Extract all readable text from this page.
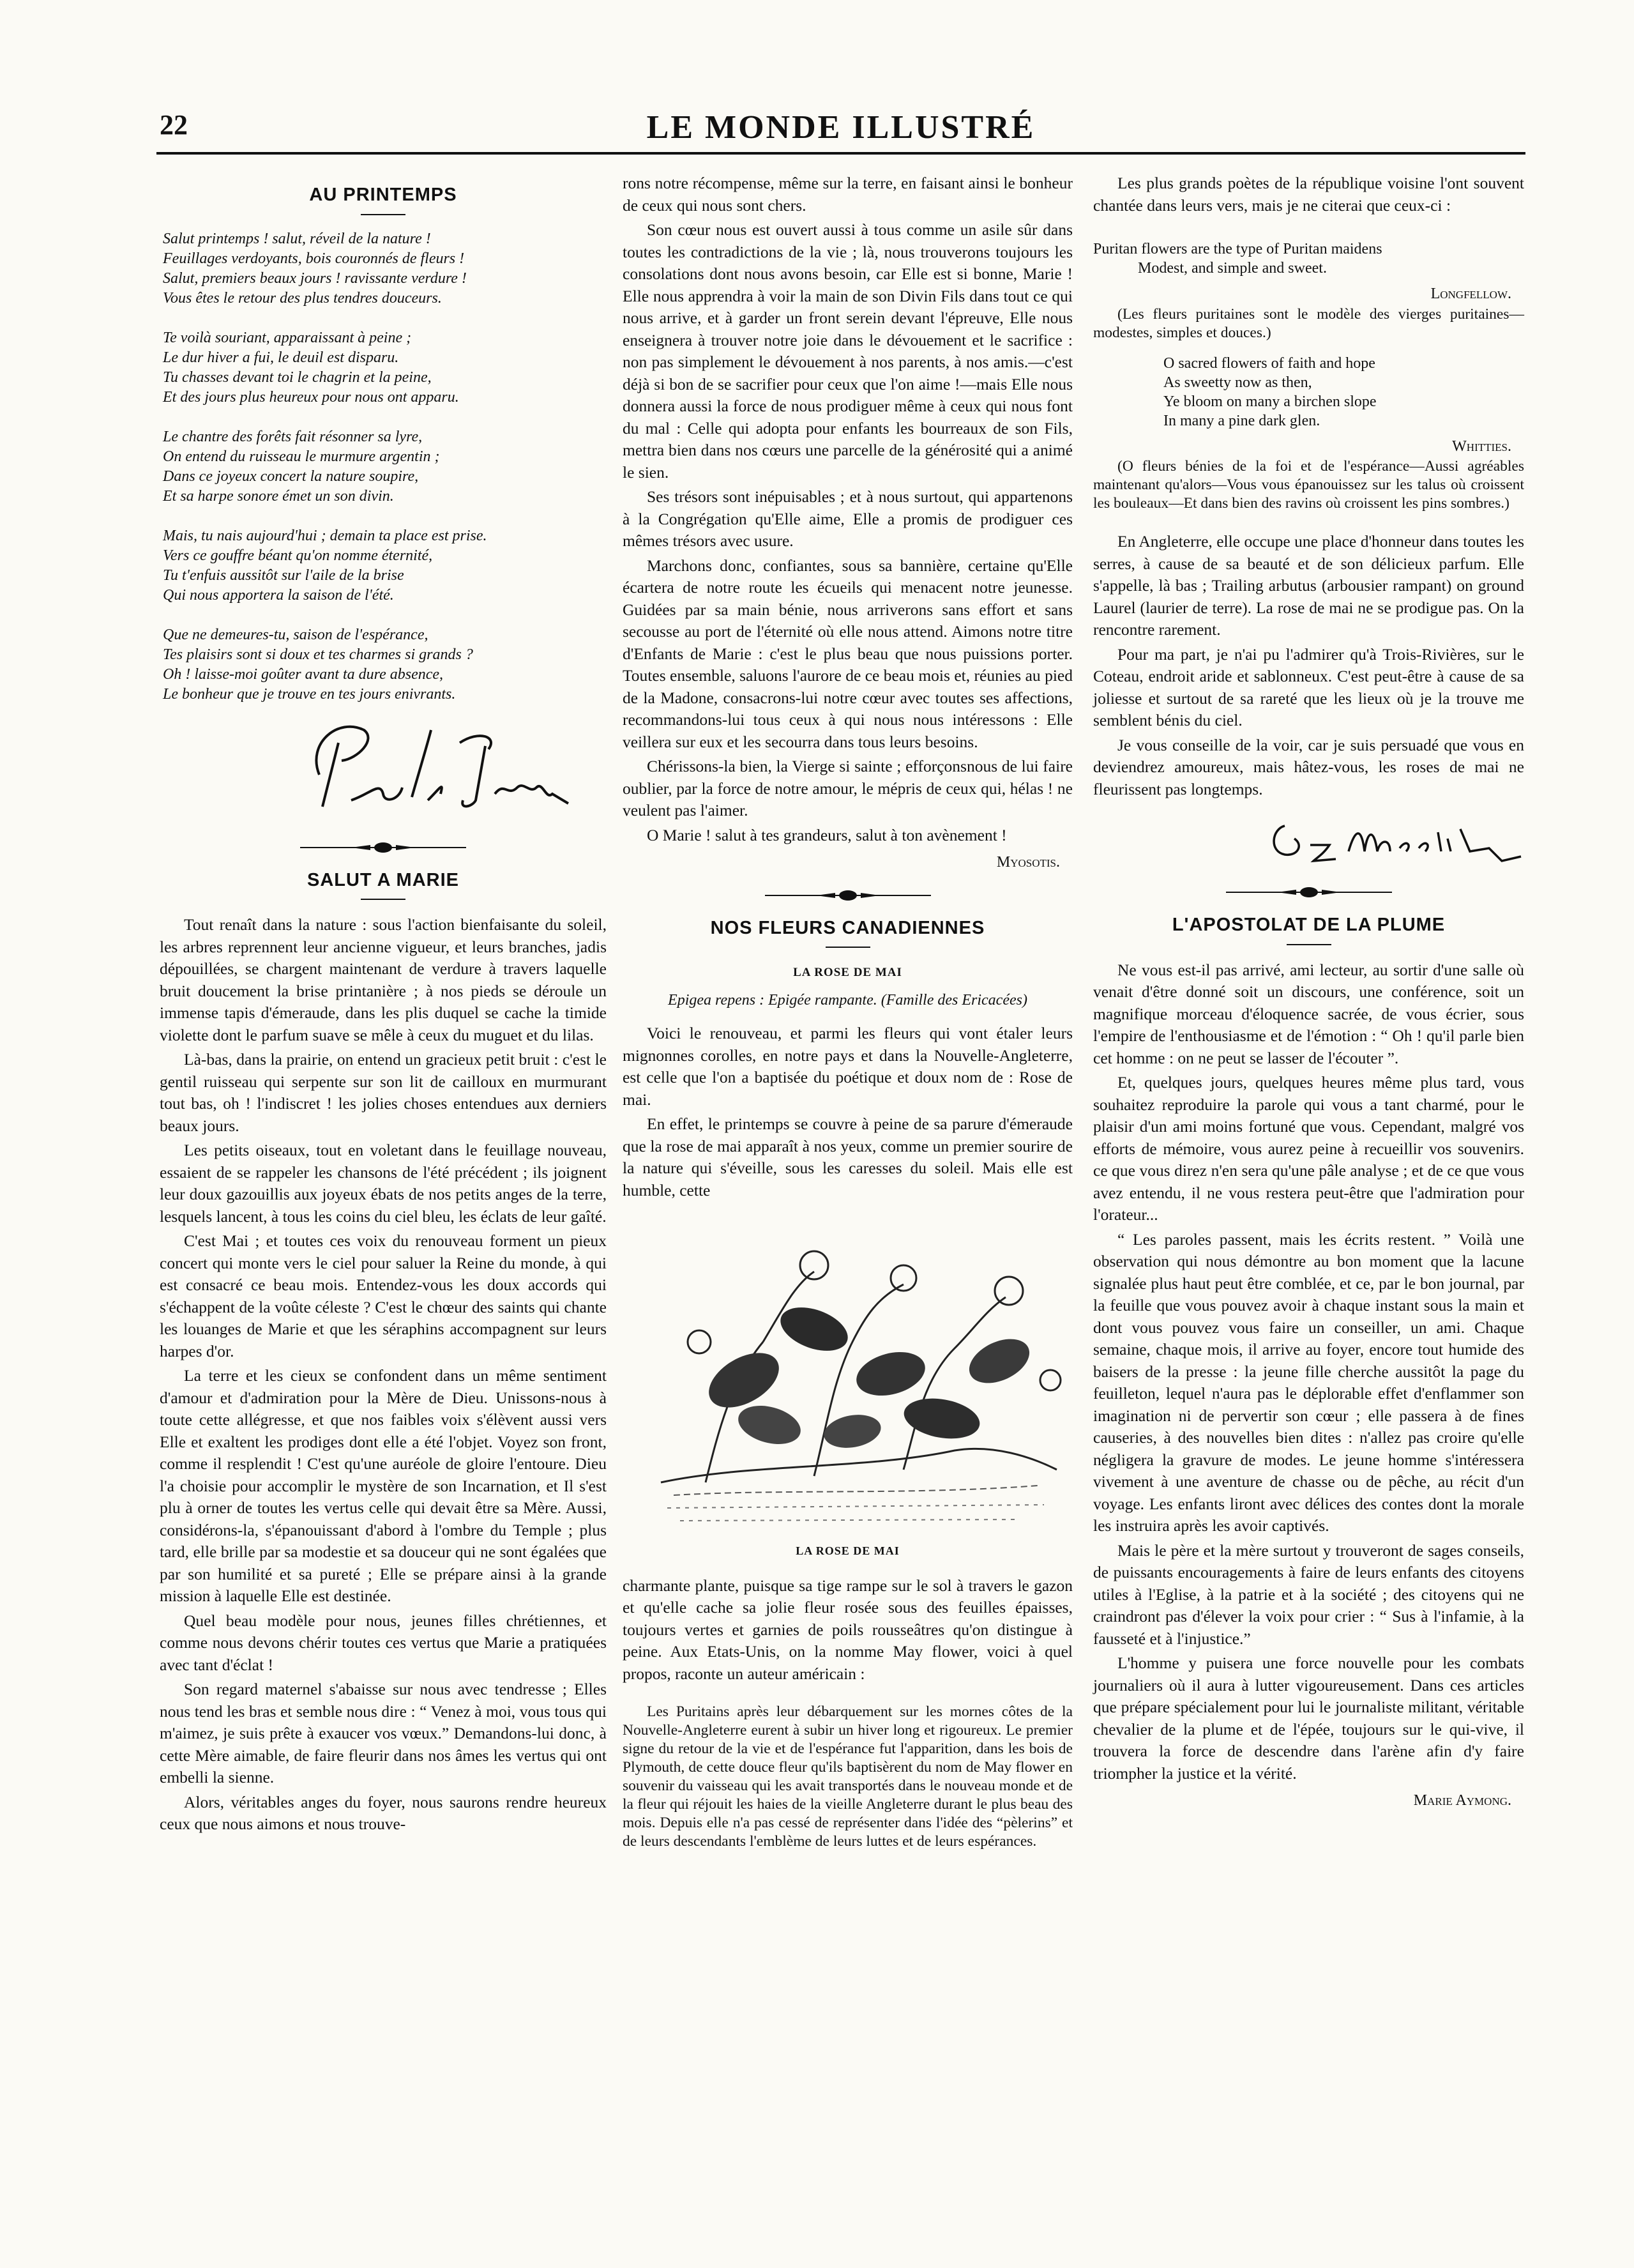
22	LE MONDE ILLUSTRÉ
AU PRINTEMPS
Salut printemps ! salut, réveil de la nature !
Feuillages verdoyants, bois couronnés de fleurs !
Salut, premiers beaux jours ! ravissante verdure !
Vous êtes le retour des plus tendres douceurs.
Te voilà souriant, apparaissant à peine ;
Le dur hiver a fui, le deuil est disparu.
Tu chasses devant toi le chagrin et la peine,
Et des jours plus heureux pour nous ont apparu.
Le chantre des forêts fait résonner sa lyre,
On entend du ruisseau le murmure argentin ;
Dans ce joyeux concert la nature soupire,
Et sa harpe sonore émet un son divin.
Mais, tu nais aujourd'hui ; demain ta place est prise.
Vers ce gouffre béant qu'on nomme éternité,
Tu t'enfuis aussitôt sur l'aile de la brise
Qui nous apportera la saison de l'été.
Que ne demeures-tu, saison de l'espérance,
Tes plaisirs sont si doux et tes charmes si grands ?
Oh ! laisse-moi goûter avant ta dure absence,
Le bonheur que je trouve en tes jours enivrants.
SALUT A MARIE

Tout renaît dans la nature : sous l'action bienfaisante du soleil, les arbres reprennent leur ancienne vigueur, et leurs branches, jadis dépouillées, se chargent maintenant de verdure à travers laquelle bruit doucement la brise printanière ; à nos pieds se déroule un immense tapis d'émeraude, dans les plis duquel se cache la timide violette dont le parfum suave se mêle à ceux du muguet et du lilas.

Là-bas, dans la prairie, on entend un gracieux petit bruit : c'est le gentil ruisseau qui serpente sur son lit de cailloux en murmurant tout bas, oh ! l'indiscret ! les jolies choses entendues aux derniers beaux jours.

Les petits oiseaux, tout en voletant dans le feuillage nouveau, essaient de se rappeler les chansons de l'été précédent ; ils joignent leur doux gazouillis aux joyeux ébats de nos petits anges de la terre, lesquels lancent, à tous les coins du ciel bleu, les éclats de leur gaîté.

C'est Mai ; et toutes ces voix du renouveau forment un pieux concert qui monte vers le ciel pour saluer la Reine du monde, à qui est consacré ce beau mois. Entendez-vous les doux accords qui s'échappent de la voûte céleste ? C'est le chœur des saints qui chante les louanges de Marie et que les séraphins accompagnent sur leurs harpes d'or.

La terre et les cieux se confondent dans un même sentiment d'amour et d'admiration pour la Mère de Dieu. Unissons-nous à toute cette allégresse, et que nos faibles voix s'élèvent aussi vers Elle et exaltent les prodiges dont elle a été l'objet. Voyez son front, comme il resplendit ! C'est qu'une auréole de gloire l'entoure. Dieu l'a choisie pour accomplir le mystère de son Incarnation, et Il s'est plu à orner de toutes les vertus celle qui devait être sa Mère. Aussi, considérons-la, s'épanouissant d'abord à l'ombre du Temple ; plus tard, elle brille par sa modestie et sa douceur qui ne sont égalées que par son humilité et sa pureté ; Elle se prépare ainsi à la grande mission à laquelle Elle est destinée.

Quel beau modèle pour nous, jeunes filles chrétiennes, et comme nous devons chérir toutes ces vertus que Marie a pratiquées avec tant d'éclat !

Son regard maternel s'abaisse sur nous avec tendresse ; Elles nous tend les bras et semble nous dire : “ Venez à moi, vous tous qui m'aimez, je suis prête à exaucer vos vœux.” Demandons-lui donc, à cette Mère aimable, de faire fleurir dans nos âmes les vertus qui ont embelli la sienne.

Alors, véritables anges du foyer, nous saurons rendre heureux ceux que nous aimons et nous trouve-

rons notre récompense, même sur la terre, en faisant ainsi le bonheur de ceux qui nous sont chers.

Son cœur nous est ouvert aussi à tous comme un asile sûr dans toutes les contradictions de la vie ; là, nous trouverons toujours les consolations dont nous avons besoin, car Elle est si bonne, Marie ! Elle nous apprendra à voir la main de son Divin Fils dans tout ce qui nous arrive, et à garder un front serein devant l'épreuve, Elle nous enseignera à trouver notre joie dans le dévouement et le sacrifice : non pas simplement le dévouement à nos parents, à nos amis.—c'est déjà si bon de se sacrifier pour ceux que l'on aime !—mais Elle nous donnera aussi la force de nous prodiguer même à ceux qui nous font du mal : Celle qui adopta pour enfants les bourreaux de son Fils, mettra bien dans nos cœurs une parcelle de la générosité qui a animé le sien.

Ses trésors sont inépuisables ; et à nous surtout, qui appartenons à la Congrégation qu'Elle aime, Elle a promis de prodiguer ces mêmes trésors avec usure.

Marchons donc, confiantes, sous sa bannière, certaine qu'Elle écartera de notre route les écueils qui menacent notre jeunesse. Guidées par sa main bénie, nous arriverons sans effort et sans secousse au port de l'éternité où elle nous attend. Aimons notre titre d'Enfants de Marie : c'est le plus beau que nous puissions porter. Toutes ensemble, saluons l'aurore de ce beau mois et, réunies au pied de la Madone, consacrons-lui notre cœur avec toutes ses affections, recommandons-lui tous ceux à qui nous nous intéressons : Elle veillera sur eux et les secourra dans tous leurs besoins.

Chérissons-la bien, la Vierge si sainte ; efforçonsnous de lui faire oublier, par la force de notre amour, le mépris de ceux qui, hélas ! ne veulent pas l'aimer.

O Marie ! salut à tes grandeurs, salut à ton avènement !

Myosotis.
NOS FLEURS CANADIENNES
LA ROSE DE MAI
Epigea repens : Epigée rampante. (Famille des Ericacées)

Voici le renouveau, et parmi les fleurs qui vont étaler leurs mignonnes corolles, en notre pays et dans la Nouvelle-Angleterre, est celle que l'on a baptisée du poétique et doux nom de : Rose de mai.

En effet, le printemps se couvre à peine de sa parure d'émeraude que la rose de mai apparaît à nos yeux, comme un premier sourire de la nature qui s'éveille, sous les caresses du soleil. Mais elle est humble, cette

LA ROSE DE MAI

charmante plante, puisque sa tige rampe sur le sol à travers le gazon et qu'elle cache sa jolie fleur rosée sous des feuilles épaisses, toujours vertes et garnies de poils rousseâtres qu'on distingue à peine. Aux Etats-Unis, on la nomme May flower, voici à quel propos, raconte un auteur américain :

Les Puritains après leur débarquement sur les mornes côtes de la Nouvelle-Angleterre eurent à subir un hiver long et rigoureux. Le premier signe du retour de la vie et de l'espérance fut l'apparition, dans les bois de Plymouth, de cette douce fleur qu'ils baptisèrent du nom de May flower en souvenir du vaisseau qui les avait transportés dans le nouveau monde et de la fleur qui réjouit les haies de la vieille Angleterre durant le plus beau des mois. Depuis elle n'a pas cessé de représenter dans l'idée des “pèlerins” et de leurs descendants l'emblème de leurs luttes et de leurs espérances.

Les plus grands poètes de la république voisine l'ont souvent chantée dans leurs vers, mais je ne citerai que ceux-ci :

Puritan flowers are the type of Puritan maidens
Modest, and simple and sweet.
Longfellow.

(Les fleurs puritaines sont le modèle des vierges puritaines—modestes, simples et douces.)

O sacred flowers of faith and hope
As sweetty now as then,
Ye bloom on many a birchen slope
In many a pine dark glen.
Whitties.

(O fleurs bénies de la foi et de l'espérance—Aussi agréables maintenant qu'alors—Vous vous épanouissez sur les talus où croissent les bouleaux—Et dans bien des ravins où croissent les pins sombres.)

En Angleterre, elle occupe une place d'honneur dans toutes les serres, à cause de sa beauté et de son délicieux parfum. Elle s'appelle, là bas ; Trailing arbutus (arbousier rampant) on ground Laurel (laurier de terre). La rose de mai ne se prodigue pas. On la rencontre rarement.

Pour ma part, je n'ai pu l'admirer qu'à Trois-Rivières, sur le Coteau, endroit aride et sablonneux. C'est peut-être à cause de sa joliesse et surtout de sa rareté que les lieux où je la trouve me semblent bénis du ciel.

Je vous conseille de la voir, car je suis persuadé que vous en deviendrez amoureux, mais hâtez-vous, les roses de mai ne fleurissent pas longtemps.

L'APOSTOLAT DE LA PLUME

Ne vous est-il pas arrivé, ami lecteur, au sortir d'une salle où venait d'être donné soit un discours, une conférence, soit un magnifique morceau d'éloquence sacrée, de vous écrier, sous l'empire de l'enthousiasme et de l'émotion : “ Oh ! qu'il parle bien cet homme : on ne peut se lasser de l'écouter ”.

Et, quelques jours, quelques heures même plus tard, vous souhaitez reproduire la parole qui vous a tant charmé, pour le plaisir d'un ami moins fortuné que vous. Cependant, malgré vos efforts de mémoire, vous aurez peine à recueillir vos souvenirs. ce que vous direz n'en sera qu'une pâle analyse ; et de ce que vous avez entendu, il ne vous restera peut-être que l'admiration pour l'orateur...

“ Les paroles passent, mais les écrits restent. ” Voilà une observation qui nous démontre au bon moment que la lacune signalée plus haut peut être comblée, et ce, par le bon journal, par la feuille que vous pouvez avoir à chaque instant sous la main et dont vous pouvez vous faire un conseiller, un ami. Chaque semaine, chaque mois, il arrive au foyer, encore tout humide des baisers de la presse : la jeune fille cherche aussitôt la page du feuilleton, lequel n'aura pas le déplorable effet d'enflammer son imagination ni de pervertir son cœur ; elle passera à de fines causeries, à des nouvelles bien dites : n'allez pas croire qu'elle négligera la gravure de modes. Le jeune homme s'intéressera vivement à une aventure de chasse ou de pêche, au récit d'un voyage. Les enfants liront avec délices des contes dont la morale les instruira après les avoir captivés.

Mais le père et la mère surtout y trouveront de sages conseils, de puissants encouragements à faire de leurs enfants des citoyens utiles à l'Eglise, à la patrie et à la société ; des citoyens qui ne craindront pas d'élever la voix pour crier : “ Sus à l'infamie, à la fausseté et à l'injustice.”

L'homme y puisera une force nouvelle pour les combats journaliers où il aura à lutter vigoureusement. Dans ces articles que prépare spécialement pour lui le journaliste militant, véritable chevalier de la plume et de l'épée, toujours sur le qui-vive, il trouvera la force de descendre dans l'arène afin d'y faire triompher la justice et la vérité.

Marie Aymong.
